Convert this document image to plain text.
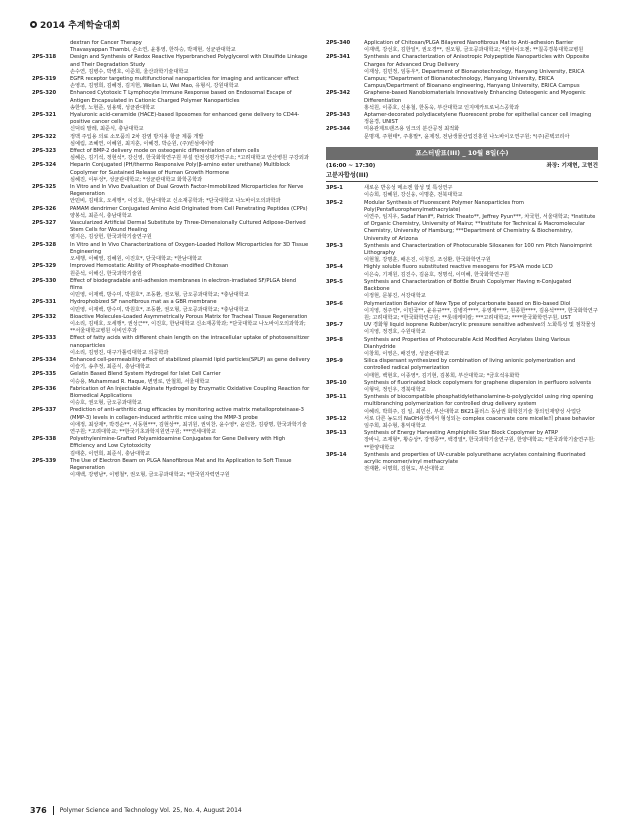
2014 추계학술대회
dextran for Cancer Therapy
Thavasyappan Thambi, 손소연, 윤홍영, 한하승, 박재현, 성균관대학교
2PS-318	Design and Synthesis of Redox Reactive Hyperbranched Polyglycerol with Disulfide Linkage and Their Degradation Study
손수연, 김병수, 박병호, 이준희, 울산과학기술대학교
2PS-319	EGFR receptor targeting multifunctional nanoparticles for imaging and anticancer effect
손영조, 김영희, 김혜정, 김지헌, Weilan Li, Wei Mao, 유형식, 강원대학교
2PS-320	Enhanced Cytotoxic T Lymphocyte Immune Response based on Endosomal Escape of Antigen Encapsulated in Cationic Charged Polymer Nanoparticles
송한영, 노현준, 임용택, 성균관대학교
2PS-321	Hyaluronic acid-ceramide (HACE)-based liposomes for enhanced gene delivery to CD44-positive cancer cells
신덕티 말레, 최준식, 충남대학교
2PS-322	정맥 주입용 의료 소모품의 2차 감염 방지용 항균 제품 개발
심예림, 조혜연, 이혜원, 최지훈, 이혜경, 박순원, (주)빈섬에이랑
2PS-323	Effect of BMP-2 delivery mode on osteogenic differentiation of stem cells
심혜은, 김기석, 정현석*, 강신영, 한국화학연구원 부설 안전성평가연구소; *고려대학교 안산병원 구강외과
2PS-324	Heparin Conjugated (PH/thermo Responsive Poly(β-amino ester urethane) Multiblock Copolymer for Sustained Release of Human Growth Hormone
심혜진, 이두성*, 성균관대학교; *성균관대학교 화학공학과
2PS-325	In Vitro and In Vivo Evaluation of Dual Growth Factor-Immobilized Microparticles for Nerve Regeneration
안민비, 김태호, 오세행*, 이진호, 한남대학교 신소재공학과; *단국대학교 나노바이오의과학과
2PS-326	PAMAM dendrimer Conjugated Amino Acid Originated from Cell Penetrating Peptides (CPPs)
양봉석, 최준식, 충남대학교
2PS-327	Vascularized Artificial Dermal Substitute by Three-Dimensionally Cultured Adipose-Derived Stem Cells for Wound Healing
염지은, 김상헌, 한국과학기술연구원
2PS-328	In Vitro and In Vivo Characterizations of Oxygen-Loaded Hollow Microparticles for 3D Tissue Engineering
오세행, 이혜영, 김혜원, 이진호*, 단국대학교; *한남대학교
2PS-329	Improved Hemostatic Ability of Phosphate-modified Chitosan
원준석, 이해신, 한국과학기술원
2PS-330	Effect of biodegradable anti-adhesion membranes in electron-irradiated SF/PLGA blend films
이민영, 이재백, 방수미, 박원호*, 조동환, 권오형, 금오공과대학교; *충남대학교
2PS-331	Hydrophobized SF nanofibrous mat as a GBR membrane
이민영, 이재백, 방수미, 박원호*, 조동환, 권오형, 금오공과대학교; *충남대학교
2PS-332	Bioactive Molecules-Loaded Asymmetrically Porous Matrix for Tracheal Tissue Regeneration
이소리, 김태호, 오세행*, 권성근**, 이진호, 한남대학교 신소재공학과; *단국대학교 나노바이오의과학과; **서울대학교병원 이비인후과
2PS-333	Effect of fatty acids with different chain length on the intracellular uptake of photosensitizer nanoparticles
이소리, 김영진, 대구가톨릭대학교 의공학과
2PS-334	Enhanced cell-permeability effect of stabilized plasmid lipid particles(SPLP) as gene delivery
이슬기, 송추정, 최준식, 충남대학교
2PS-335	Gelatin Based Blend System Hydrogel for Islet Cell Carrier
이승용, Muhammad R. Haque, 변영로, 안철희, 서울대학교
2PS-336	Fabrication of An Injectable Alginate Hydrogel by Enzymatic Oxidative Coupling Reaction for Biomedical Applications
이승호, 권오형, 금오공과대학교
2PS-337	Prediction of anti-arthritic drug efficacies by monitoring active matrix metalloproteinase-3 (MMP-3) levels in collagen-induced arthritic mice using the MMP-3 probe
이애정, 최상재*, 박경순**, 서동현***, 김현상**, 최귀원, 권익찬, 윤수영*, 윤인찬, 김광명, 한국과학기술연구원; *고려대학교; **한국기초과학지원연구원; ***연세대학교
2PS-338	Polyethylenimine-Grafted Polyamidoamine Conjugates for Gene Delivery with High Efficiency and Low Cytotoxicity
김태훈, 이연희, 최준식, 충남대학교
2PS-339	The Use of Electron Beam on PLGA Nanofibrous Mat and Its Application to Soft Tissue Regeneration
이재백, 강병남*, 이병철*, 권오형, 금오공과대학교; *한국원자력연구원
2PS-340	Application of Chitosan/PLGA Bilayered Nanofibrous Mat to Anti-adhesion Barrier
이재백, 강선호, 김한일*, 권오경**, 권오형, 금오공과대학교; *원바이오젠; **칠곡경북대학교병원
2PS-341	Synthesis and Characterization of Anisotropic Polypeptide Nanoparticles with Opposite Charges for Advanced Drug Delivery
이재상, 김민정, 임동우*, Department of Bionanotechnology, Hanyang University, ERICA Campus; *Department of Bionanotechnology, Hanyang University, ERICA Campus/Department of Bioanano engineering, Hanyang University, ERICA Campus
2PS-342	Graphene-based Nanobiomaterials Innovatively Enhancing Osteogenic and Myogenic Differentiation
홍석원, 이종호, 신용철, 한동욱, 부산대학교 인지메카트로닉스공학과
2PS-343	Aptamer-decorated polydiacetylene fluorescent probe for epithelial cancer cell imaging
정윤경, UNIST
2PS-344	미용관제트랜즈용 임크의 분산공정 최적화
문명재, 주현태*, 주홍말*, 윤제정, 전남생물산업진흥원 나노바이오연구원; *(주)콘텍코리아
포스터발표(III) _ 10월 8일(수)
(16:00 ~ 17:30)	좌장: 기재현, 고현건
고분자합성(III)
3PS-1	새로운 반응성 메소겐 합성 및 특성연구
이승희, 김혜원, 강신웅, 이명훈, 전북대학교
3PS-2	Modular Synthesis of Fluorescent Polymer Nanoparticles from Poly(Pentafluorophenylmethacrylate)
이연주, 임지우, Sadaf Hanif*, Patrick Theato**, Jeffrey Pyun***, 차국헌, 서울대학교; *Institute of Organic Chemistry, University of Mainz; **Institute for Technical & Macromolecular Chemistry, University of Hamburg; ***Department of Chemistry & Biochemistry, University of Arizona
3PS-3	Synthesis and Characterization of Photocurable Siloxanes for 100 nm Pitch Nanoimprint Lithography
이현철, 강명훈, 배은진, 이청진, 조성환, 한국화학연구원
3PS-4	Highly soluble fluoro substituted reactive mesogens for PS-VA mode LCD
이은숙, 기재원, 김진수, 김윤호, 정명석, 이미혜, 한국화학연구원
3PS-5	Synthesis and Characterization of Bottle Brush Copolymer Having π-Conjugated Backbone
이정현, 문봉진, 서강대학교
3PS-6	Polymerization Behavior of New Type of polycarbonate based on Bio-based Diol
이지영, 정주연*, 이민국**, 윤유규***, 김병각****, 유영재****, 원종한****, 김용석****, 한국화학연구원; 고려대학교; *한국화학연구원; **롯데케미칼; ***고려대학교; ****한국화학연구원, UST
3PS-7	UV 경화형 liquid isoprene Rubber/acrylic pressure sensitive adhesive의 노화특성 및 점착물성
이지영, 정경호, 수원대학교
3PS-8	Synthesis and Properties of Photocurable Acid Modified Acrylates Using Various Dianhydride
이창희, 이영은, 배진영, 성균관대학교
3PS-9	Silica dispersant synthesized by combination of living anionic polymerization and controlled radical polymerization
이태헌, 백현호, 이종영*, 김기현, 김봉희, 부산대학교; *금호석유화학
3PS-10	Synthesis of fluorinated block copolymers for graphene dispersion in perfluoro solvents
이형덕, 정인우, 경북대학교
3PS-11	Synthesis of biocompatible phosphatidylethanolamine-b-polyglycidol using ring opening multibranching polymerization for controlled drug delivery system
이혜리, 박희주, 김 일, 최민선, 부산대학교 BK21플러스 동남권 화학친기술 창의인재양성 사업단
3PS-12	서로 다른 농도의 NaOH용액에서 형성되는 complex coacervate core micelle의 phase behavior
임주희, 최수형, 홍익대학교
3PS-13	Synthesis of Energy Harvesting Amphiphilic Star Block Copolymer by ATRP
장바니, 조재형*, 황승상*, 강영종**, 백경열*, 한국과학기술연구원, 한양대학교; *한국과학기술연구원; **한양대학교
3PS-14	Synthesis and properties of UV-curable polyurethane acrylates containing fluorinated acrylic monomer/vinyl methacrylate
전재환, 이명희, 김현도, 부산대학교
376 Polymer Science and Technology Vol. 25, No. 4, August 2014
